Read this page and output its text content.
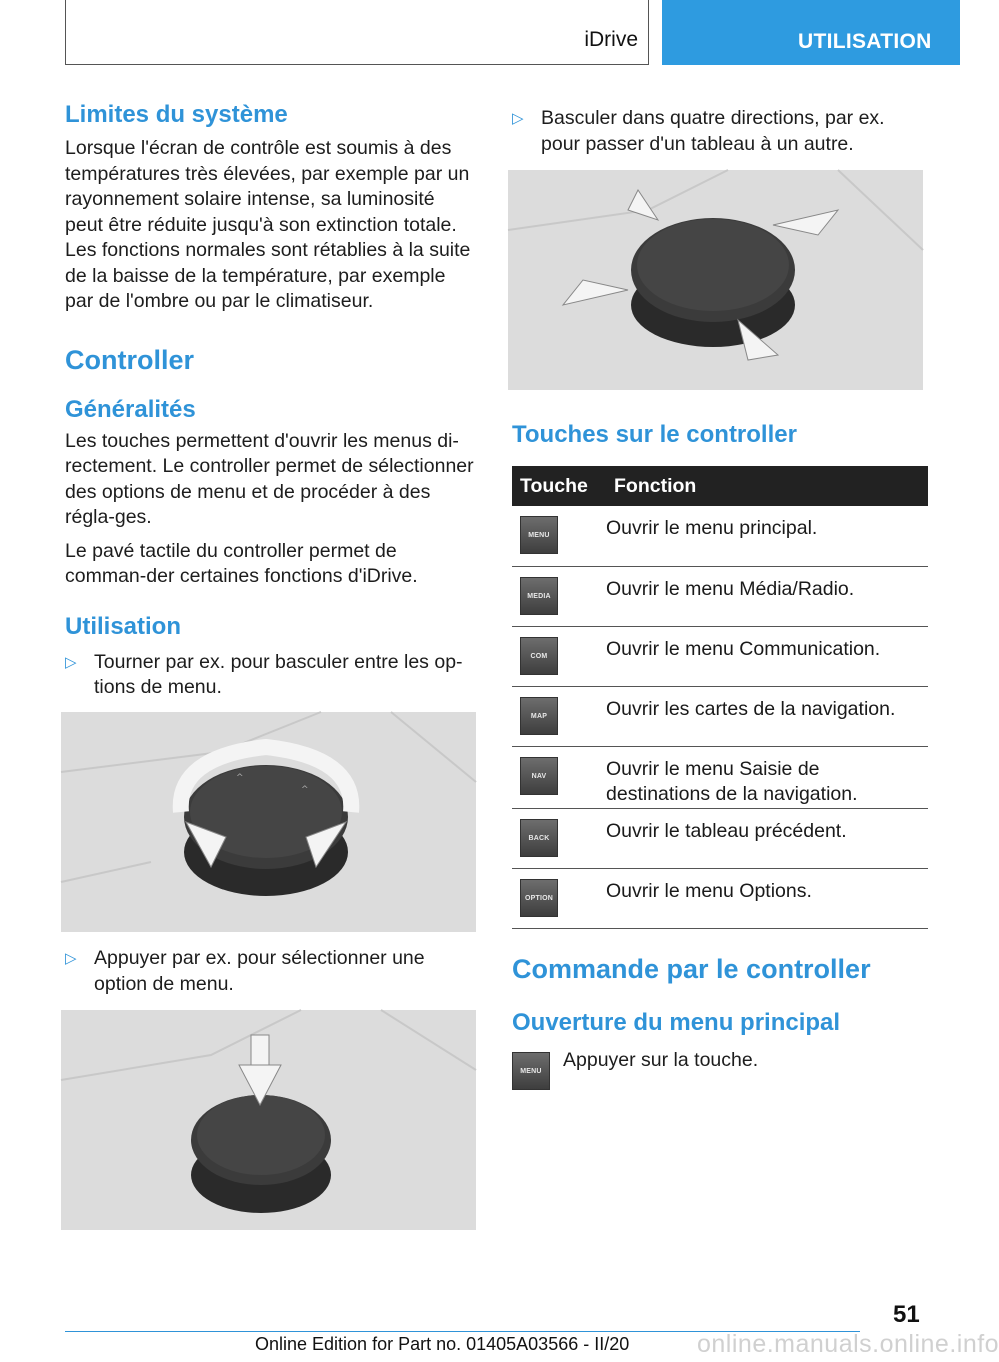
iDrive	UTILISATION
Limites du système
Lorsque l'écran de contrôle est soumis à des températures très élevées, par exemple par un rayonnement solaire intense, sa luminosité peut être réduite jusqu'à son extinction totale. Les fonctions normales sont rétablies à la suite de la baisse de la température, par exemple par de l'ombre ou par le climatiseur.
Controller
Généralités
Les touches permettent d'ouvrir les menus di-rectement. Le controller permet de sélectionner des options de menu et de procéder à des régla-ges.
Le pavé tactile du controller permet de comman-der certaines fonctions d'iDrive.
Utilisation
▷ Tourner par ex. pour basculer entre les op-tions de menu.
^
^
▷ Appuyer par ex. pour sélectionner une option de menu.
▷ Basculer dans quatre directions, par ex. pour passer d'un tableau à un autre.
Touches sur le controller
Touche	Fonction
MENU	Ouvrir le menu principal.
MEDIA	Ouvrir le menu Média/Radio.
COM	Ouvrir le menu Communication.
MAP	Ouvrir les cartes de la navigation.
NAV	Ouvrir le menu Saisie de destinations de la navigation.
BACK	Ouvrir le tableau précédent.
OPTION	Ouvrir le menu Options.
Commande par le controller
Ouverture du menu principal
MENU
Appuyer sur la touche.
51
online.manuals.online.info
Online Edition for Part no. 01405A03566 - II/20
